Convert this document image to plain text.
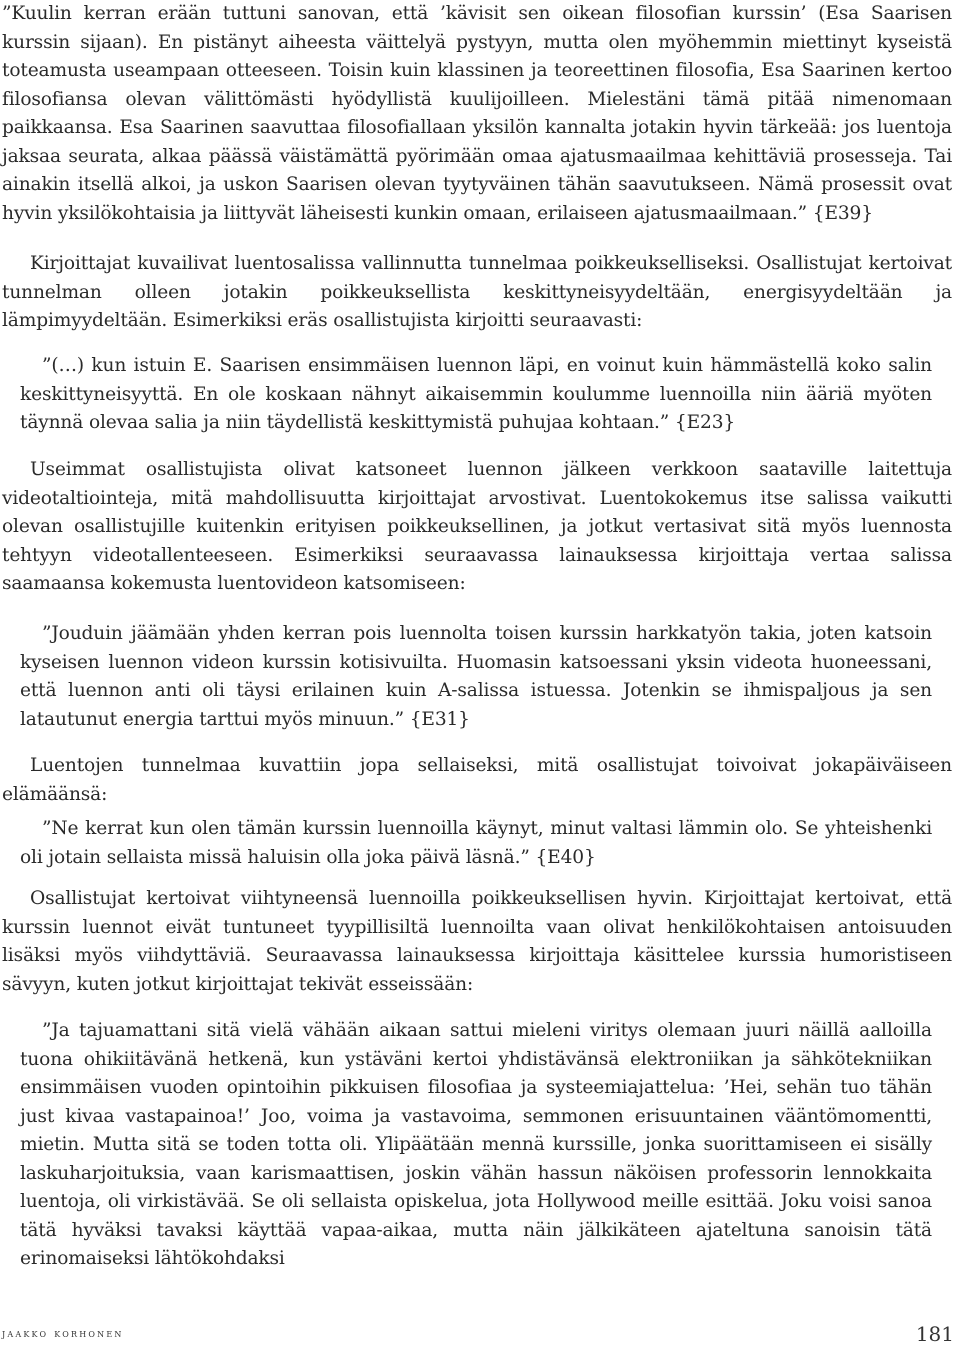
”Kuulin kerran erään tuttuni sanovan, että ’kävisit sen oikean filosofian kurssin’ (Esa Saarisen kurssin sijaan). En pistänyt aiheesta väittelyä pystyyn, mutta olen myöhemmin miettinyt kyseistä toteamusta useampaan otteeseen. Toisin kuin klassinen ja teoreettinen filosofia, Esa Saarinen kertoo filosofiansa olevan välittömästi hyödyllistä kuulijoilleen. Mielestäni tämä pitää nimenomaan paikkaansa. Esa Saarinen saavuttaa filosofiallaan yksilön kannalta jotakin hyvin tärkeää: jos luentoja jaksaa seurata, alkaa päässä väistämättä pyörimään omaa ajatusmaailmaa kehittäviä prosesseja. Tai ainakin itsellä alkoi, ja uskon Saarisen olevan tyytyväinen tähän saavutukseen. Nämä prosessit ovat hyvin yksilökohtaisia ja liittyvät läheisesti kunkin omaan, erilaiseen ajatusmaailmaan.” {E39}

Kirjoittajat kuvailivat luentosalissa vallinnutta tunnelmaa poikkeukselliseksi. Osallistujat kertoivat tunnelman olleen jotakin poikkeuksellista keskittyneisyydeltään, energisyydeltään ja lämpimyydeltään. Esimerkiksi eräs osallistujista kirjoitti seuraavasti:

”(…) kun istuin E. Saarisen ensimmäisen luennon läpi, en voinut kuin hämmästellä koko salin keskittyneisyyttä. En ole koskaan nähnyt aikaisemmin koulumme luennoilla niin ääriä myöten täynnä olevaa salia ja niin täydellistä keskittymistä puhujaa kohtaan.” {E23}

Useimmat osallistujista olivat katsoneet luennon jälkeen verkkoon saataville laitettuja videotaltiointeja, mitä mahdollisuutta kirjoittajat arvostivat. Luentokokemus itse salissa vaikutti olevan osallistujille kuitenkin erityisen poikkeuksellinen, ja jotkut vertasivat sitä myös luennosta tehtyyn videotallenteeseen. Esimerkiksi seuraavassa lainauksessa kirjoittaja vertaa salissa saamaansa kokemusta luentovideon katsomiseen:

”Jouduin jäämään yhden kerran pois luennolta toisen kurssin harkkatyön takia, joten katsoin kyseisen luennon videon kurssin kotisivuilta. Huomasin katsoessani yksin videota huoneessani, että luennon anti oli täysi erilainen kuin A-salissa istuessa. Jotenkin se ihmispaljous ja sen latautunut energia tarttui myös minuun.” {E31}

Luentojen tunnelmaa kuvattiin jopa sellaiseksi, mitä osallistujat toivoivat jokapäiväiseen elämäänsä:

”Ne kerrat kun olen tämän kurssin luennoilla käynyt, minut valtasi lämmin olo. Se yhteishenki oli jotain sellaista missä haluisin olla joka päivä läsnä.” {E40}

Osallistujat kertoivat viihtyneensä luennoilla poikkeuksellisen hyvin. Kirjoittajat kertoivat, että kurssin luennot eivät tuntuneet tyypillisiltä luennoilta vaan olivat henkilökohtaisen antoisuuden lisäksi myös viihdyttäviä. Seuraavassa lainauksessa kirjoittaja käsittelee kurssia humoristiseen sävyyn, kuten jotkut kirjoittajat tekivät esseissään:

”Ja tajuamattani sitä vielä vähään aikaan sattui mieleni viritys olemaan juuri näillä aalloilla tuona ohikiitävänä hetkenä, kun ystäväni kertoi yhdistävänsä elektroniikan ja sähkötekniikan ensimmäisen vuoden opintoihin pikkuisen filosofiaa ja systeemiajattelua: ’Hei, sehän tuo tähän just kivaa vastapainoa!’ Joo, voima ja vastavoima, semmonen erisuuntainen vääntömomentti, mietin. Mutta sitä se toden totta oli. Ylipäätään mennä kurssille, jonka suorittamiseen ei sisälly laskuharjoituksia, vaan karismaattisen, joskin vähän hassun näköisen professorin lennokkaita luentoja, oli virkistävää. Se oli sellaista opiskelua, jota Hollywood meille esittää. Joku voisi sanoa tätä hyväksi tavaksi käyttää vapaa-aikaa, mutta näin jälkikäteen ajateltuna sanoisin tätä erinomaiseksi lähtökohdaksi

jaakko korhonen	181
